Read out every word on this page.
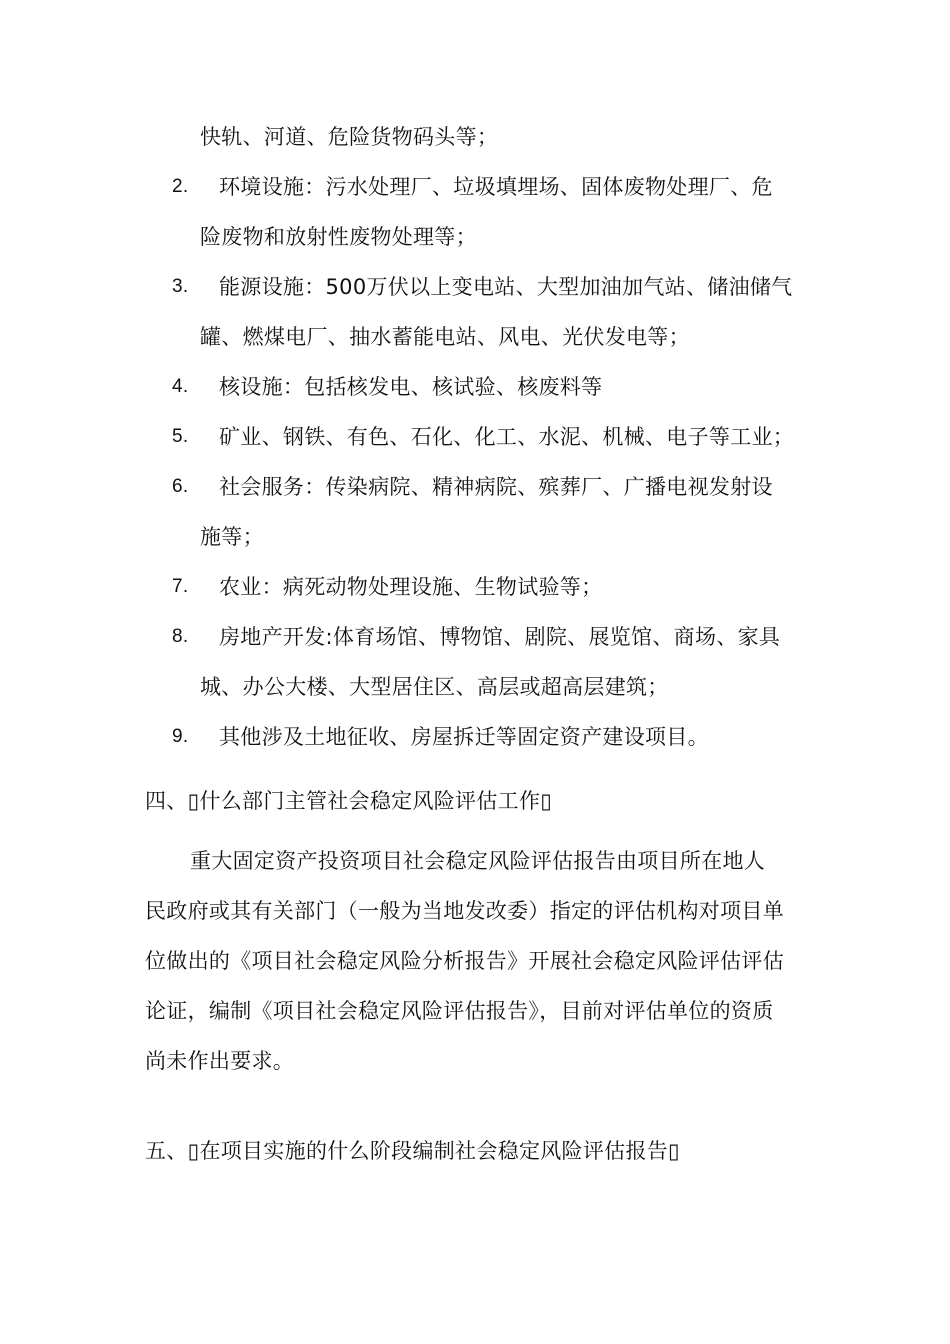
快轨、河道、危险货物码头等；
2. 环境设施：污水处理厂、垃圾填埋场、固体废物处理厂、危
险废物和放射性废物处理等；
3. 能源设施：500万伏以上变电站、大型加油加气站、储油储气
罐、燃煤电厂、抽水蓄能电站、风电、光伏发电等；
4. 核设施：包括核发电、核试验、核废料等
5. 矿业、钢铁、有色、石化、化工、水泥、机械、电子等工业；
6. 社会服务：传染病院、精神病院、殡葬厂、广播电视发射设
施等；
7. 农业：病死动物处理设施、生物试验等；
8. 房地产开发:体育场馆、博物馆、剧院、展览馆、商场、家具
城、办公大楼、大型居住区、高层或超高层建筑；
9. 其他涉及土地征收、房屋拆迁等固定资产建设项目。
四、▯什么部门主管社会稳定风险评估工作▯
重大固定资产投资项目社会稳定风险评估报告由项目所在地人
民政府或其有关部门（一般为当地发改委）指定的评估机构对项目单
位做出的《项目社会稳定风险分析报告》开展社会稳定风险评估评估
论证，编制《项目社会稳定风险评估报告》，目前对评估单位的资质
尚未作出要求。
五、▯在项目实施的什么阶段编制社会稳定风险评估报告▯
